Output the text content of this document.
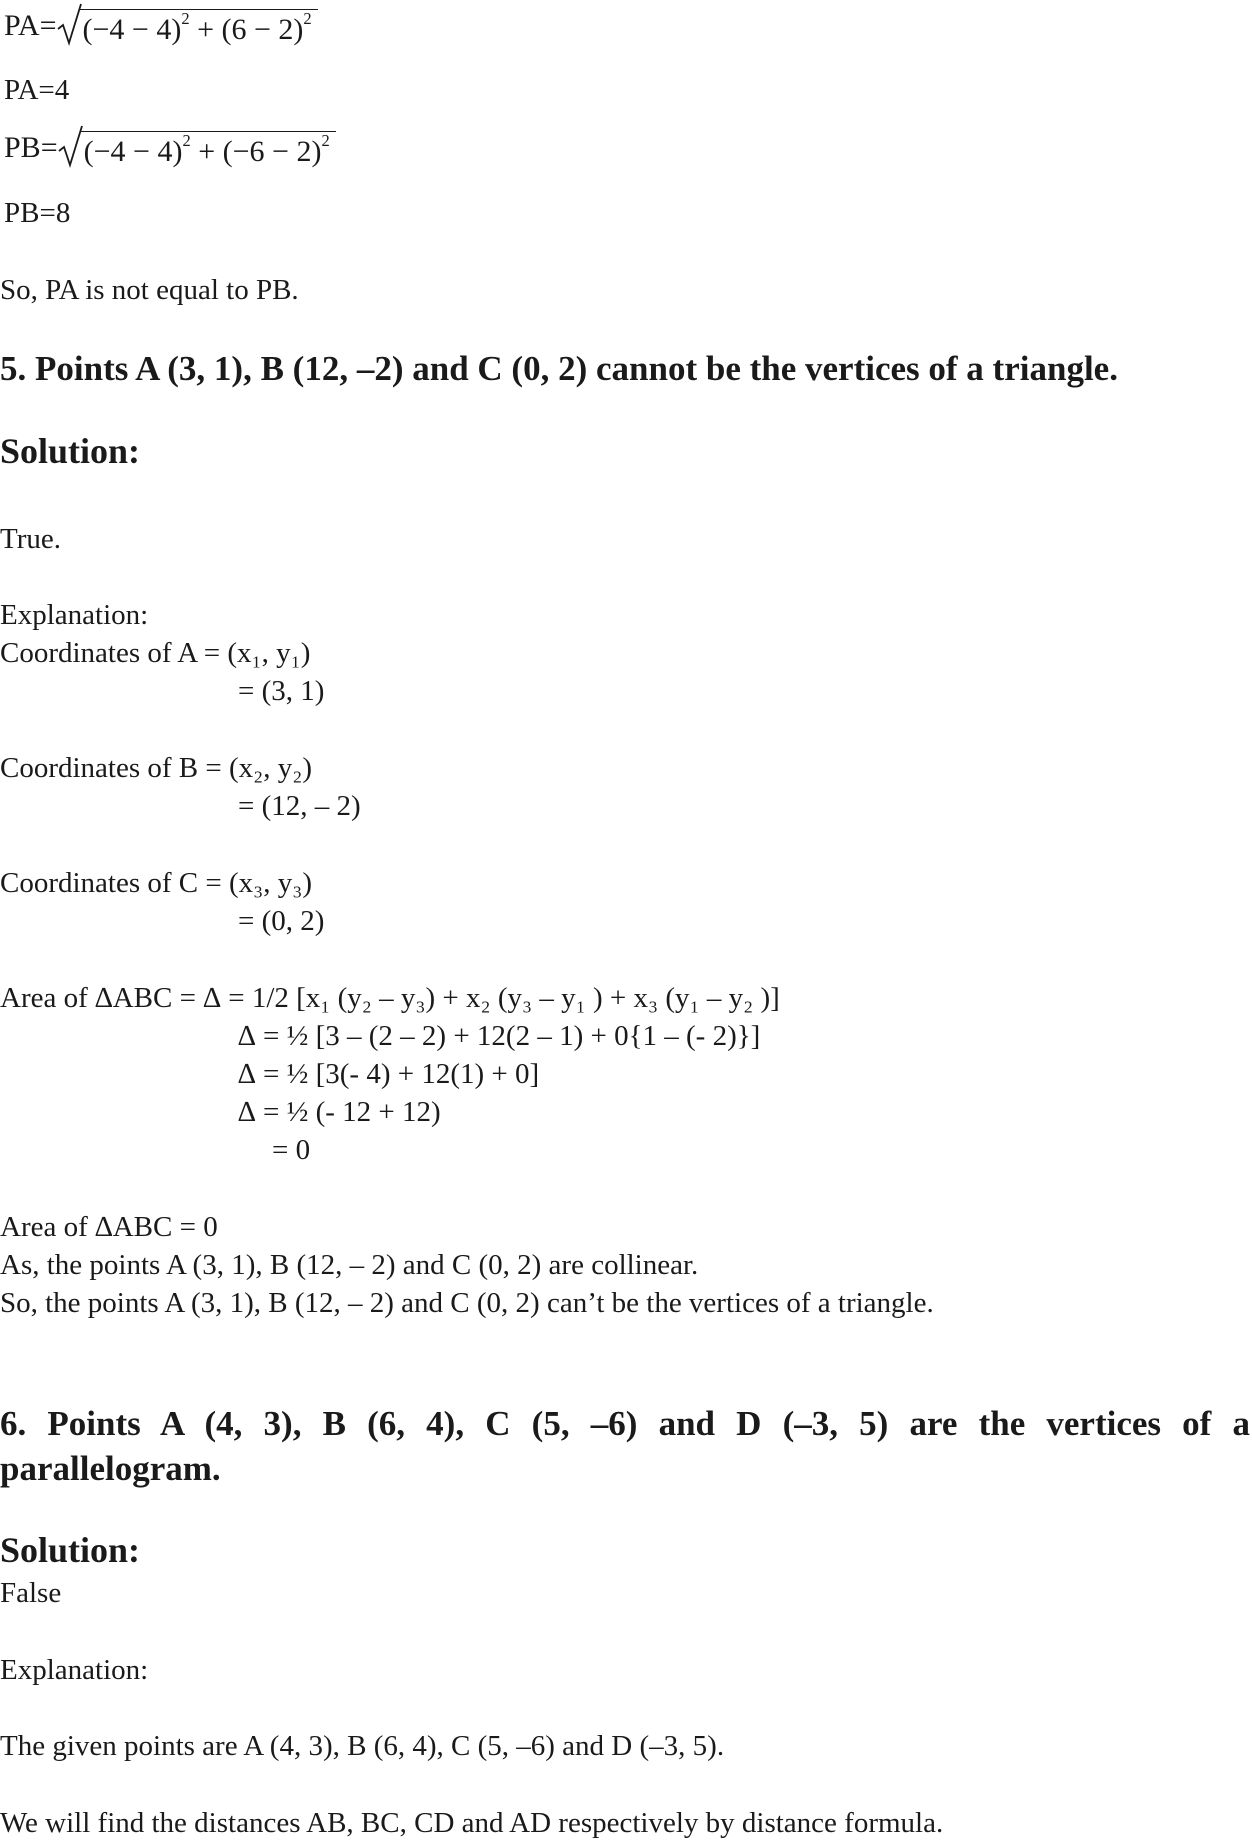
$PA= (-4 - 4)^2 + (6 - 2)^2$
PA=4
$PB= (-4 - 4)^2 + (-6 - 2)^2$
PB=8
So, PA is not equal to PB.
5. Points A (3, 1), B (12, –2) and C (0, 2) cannot be the vertices of a triangle.
Solution:
True.
Explanation:
Coordinates of A = (x₁, y₁)
= (3, 1)
Coordinates of B = (x₂, y₂)
= (12, – 2)
Coordinates of C = (x₃, y₃)
= (0, 2)
Area of ∆ABC = ∆ = 1/2 [x₁ (y₂ – y₃) + x₂ (y₃ – y₁ ) + x₃ (y₁ – y₂ )]
∆ = ½ [3 – (2 – 2) + 12(2 – 1) + 0{1 – (- 2)}]
∆ = ½ [3(- 4) + 12(1) + 0]
∆ = ½ (- 12 + 12)
= 0
Area of ∆ABC = 0
As, the points A (3, 1), B (12, – 2) and C (0, 2) are collinear.
So, the points A (3, 1), B (12, – 2) and C (0, 2) can’t be the vertices of a triangle.
6. Points A (4, 3), B (6, 4), C (5, –6) and D (–3, 5) are the vertices of a
parallelogram.
Solution:
False
Explanation:
The given points are A (4, 3), B (6, 4), C (5, –6) and D (–3, 5).
We will find the distances AB, BC, CD and AD respectively by distance formula.
